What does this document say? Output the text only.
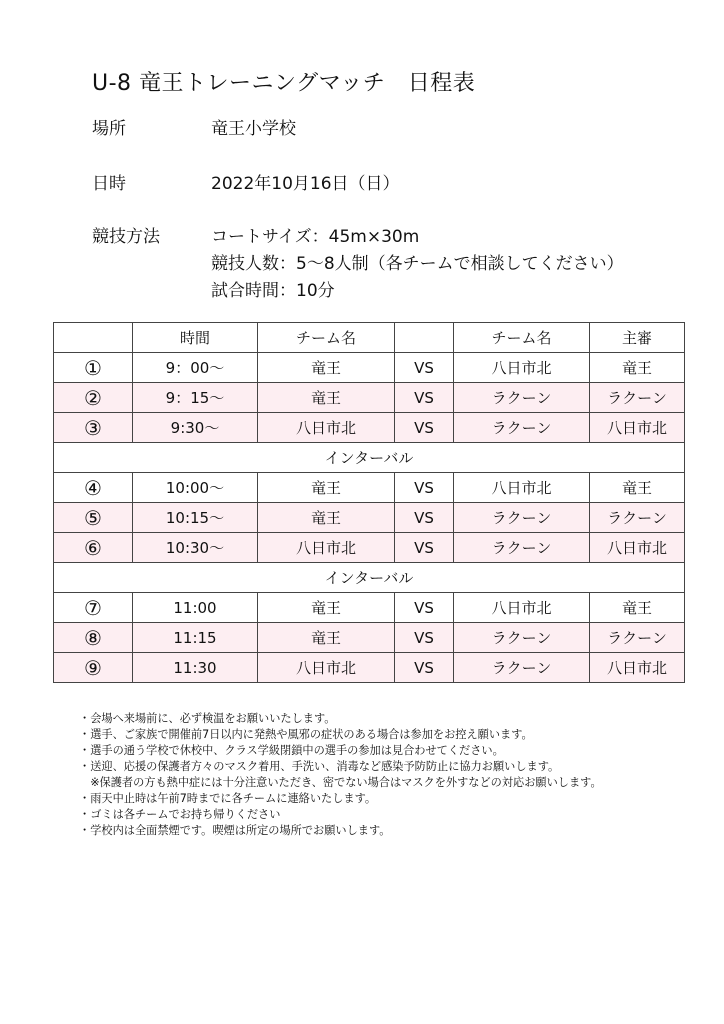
U-8 竜王トレーニングマッチ　日程表
場所	竜王小学校
日時	2022年10月16日（日）
競技方法	コートサイズ：45m×30m
競技人数：5〜8人制（各チームで相談してください）
試合時間：10分
	時間	チーム名		チーム名	主審
①	9：00〜	竜王	VS	八日市北	竜王
②	9：15〜	竜王	VS	ラクーン	ラクーン
③	9:30〜	八日市北	VS	ラクーン	八日市北
インターバル					
④	10:00〜	竜王	VS	八日市北	竜王
⑤	10:15〜	竜王	VS	ラクーン	ラクーン
⑥	10:30〜	八日市北	VS	ラクーン	八日市北
インターバル					
⑦	11:00	竜王	VS	八日市北	竜王
⑧	11:15	竜王	VS	ラクーン	ラクーン
⑨	11:30	八日市北	VS	ラクーン	八日市北
・会場へ来場前に、必ず検温をお願いいたします。
・選手、ご家族で開催前7日以内に発熱や風邪の症状のある場合は参加をお控え願います。
・選手の通う学校で休校中、クラス学級閉鎖中の選手の参加は見合わせてください。
・送迎、応援の保護者方々のマスク着用、手洗い、消毒など感染予防防止に協力お願いします。
　※保護者の方も熱中症には十分注意いただき、密でない場合はマスクを外すなどの対応お願いします。
・雨天中止時は午前7時までに各チームに連絡いたします。
・ゴミは各チームでお持ち帰りください
・学校内は全面禁煙です。喫煙は所定の場所でお願いします。
